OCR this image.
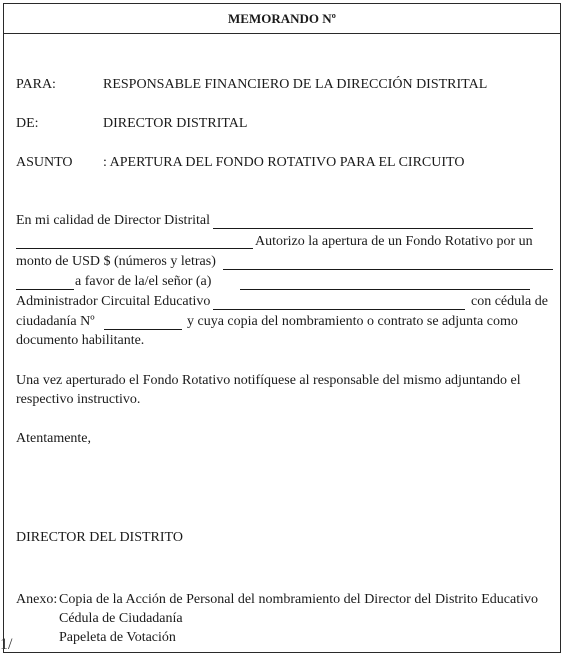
MEMORANDO Nº
PARA:	RESPONSABLE FINANCIERO DE LA DIRECCIÓN DISTRITAL
DE:	DIRECTOR DISTRITAL
ASUNTO : APERTURA DEL FONDO ROTATIVO PARA EL CIRCUITO
En mi calidad de Director Distrital
Autorizo la apertura de un Fondo Rotativo por un
monto de USD $ (números y letras)
a favor de la/el señor (a)
Administrador Circuital Educativo	con cédula de
ciudadanía Nº	y cuya copia del nombramiento o contrato se adjunta como
documento habilitante.
Una vez aperturado el Fondo Rotativo notifíquese al responsable del mismo adjuntando el
respectivo instructivo.
Atentamente,
DIRECTOR DEL DISTRITO
Anexo: Copia de la Acción de Personal del nombramiento del Director del Distrito Educativo
Cédula de Ciudadanía
Papeleta de Votación
1/
